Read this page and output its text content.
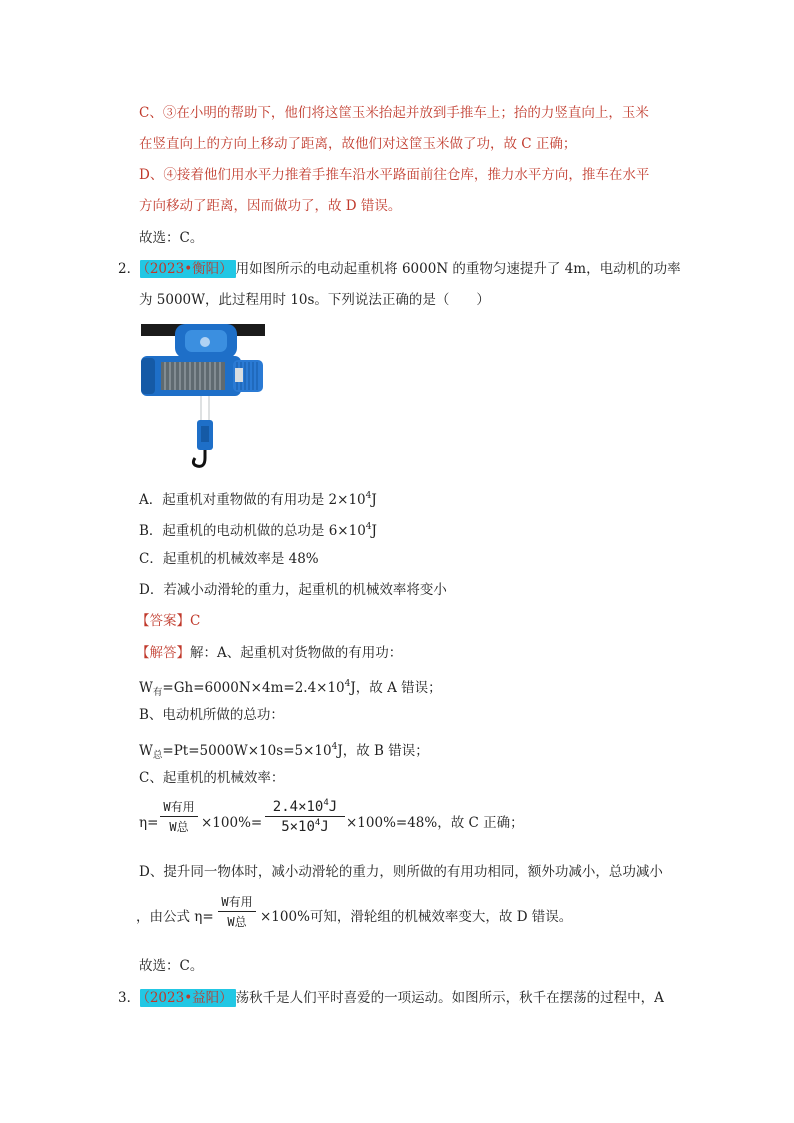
C、③在小明的帮助下，他们将这筐玉米抬起并放到手推车上；抬的力竖直向上，玉米
在竖直向上的方向上移动了距离，故他们对这筐玉米做了功，故 C 正确；
D、④接着他们用水平力推着手推车沿水平路面前往仓库，推力水平方向，推车在水平
方向移动了距离，因而做功了，故 D 错误。
故选：C。
2． （2023•衡阳） 用如图所示的电动起重机将 6000N 的重物匀速提升了 4m，电动机的功率
为 5000W，此过程用时 10s。下列说法正确的是（　　）
A．起重机对重物做的有用功是 $2\times 10^4J$
B．起重机的电动机做的总功是 $6\times 10^4J$
C．起重机的机械效率是 48%
D．若减小动滑轮的重力，起重机的机械效率将变小
【答案】C
【解答】解：A、起重机对货物做的有用功：
$W_有=Gh=6000N\times 4m=2.4\times 10^4J$，故 A 错误；
B、电动机所做的总功：
$W_总=Pt=5000W\times 10s=5\times 10^4J$，故 B 错误；
C、起重机的机械效率：
η=
W有用
W总 ×100%=
$2.4\times 10^4J$
$5\times 10^4J$	×100%=48%，故 C 正确；
D、提升同一物体时，减小动滑轮的重力，则所做的有用功相同，额外功减小，总功减小
，由公式 η=
W有用
W总 ×100%可知，滑轮组的机械效率变大，故 D 错误。
故选：C。
3． （2023•益阳） 荡秋千是人们平时喜爱的一项运动。如图所示，秋千在摆荡的过程中，A
